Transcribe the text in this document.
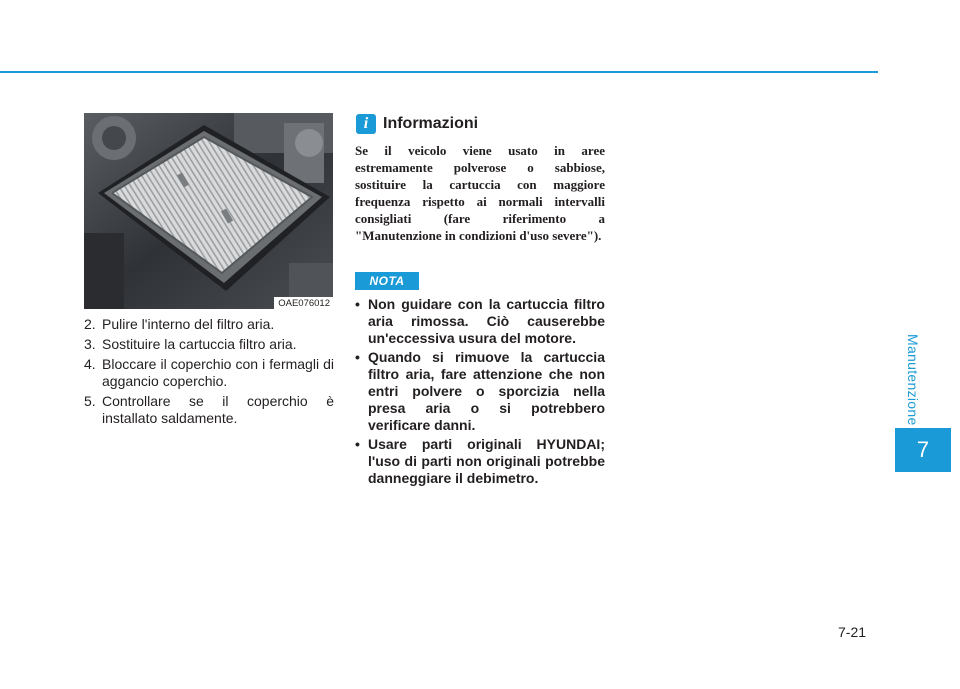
OAE076012
2. Pulire l'interno del filtro aria.
3. Sostituire la cartuccia filtro aria.
4. Bloccare il coperchio con i fermagli di aggancio coperchio.
5. Controllare se il coperchio è installato saldamente.
i Informazioni

Se il veicolo viene usato in aree estremamente polverose o sabbiose, sostituire la cartuccia con maggiore frequenza rispetto ai normali intervalli consigliati (fare riferimento a "Manutenzione in condizioni d'uso severe").

NOTA
• Non guidare con la cartuccia filtro aria rimossa. Ciò causerebbe un'eccessiva usura del motore.
• Quando si rimuove la cartuccia filtro aria, fare attenzione che non entri polvere o sporcizia nella presa aria o si potrebbero verificare danni.
• Usare parti originali HYUNDAI; l'uso di parti non originali potrebbe danneggiare il debimetro.
Manutenzione
7
7-21
